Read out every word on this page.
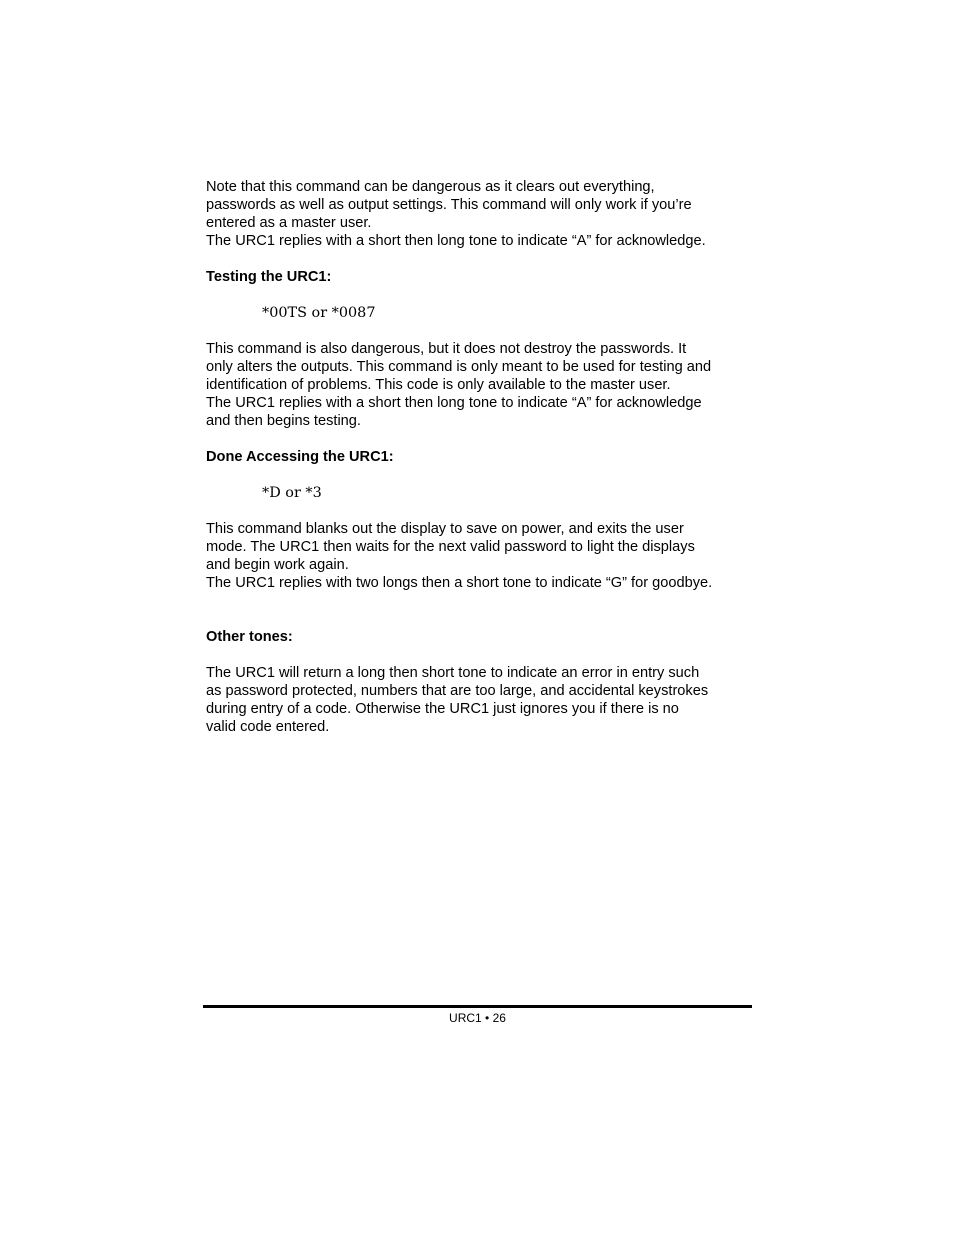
Note that this command can be dangerous as it clears out everything,

passwords as well as output settings. This command will only work if you’re

entered as a master user.

The URC1 replies with a short then long tone to indicate “A” for acknowledge.

Testing the URC1:

*00TS or *0087

This command is also dangerous, but it does not destroy the passwords. It

only alters the outputs. This command is only meant to be used for testing and

identification of problems. This code is only available to the master user.

The URC1 replies with a short then long tone to indicate “A” for acknowledge

and then begins testing.

Done Accessing the URC1:

*D or *3

This command blanks out the display to save on power, and exits the user

mode. The URC1 then waits for the next valid password to light the displays

and begin work again.

The URC1 replies with two longs then a short tone to indicate “G” for goodbye.

Other tones:

The URC1 will return a long then short tone to indicate an error in entry such

as password protected, numbers that are too large, and accidental keystrokes

during entry of a code. Otherwise the URC1 just ignores you if there is no

valid code entered.

URC1 • 26
